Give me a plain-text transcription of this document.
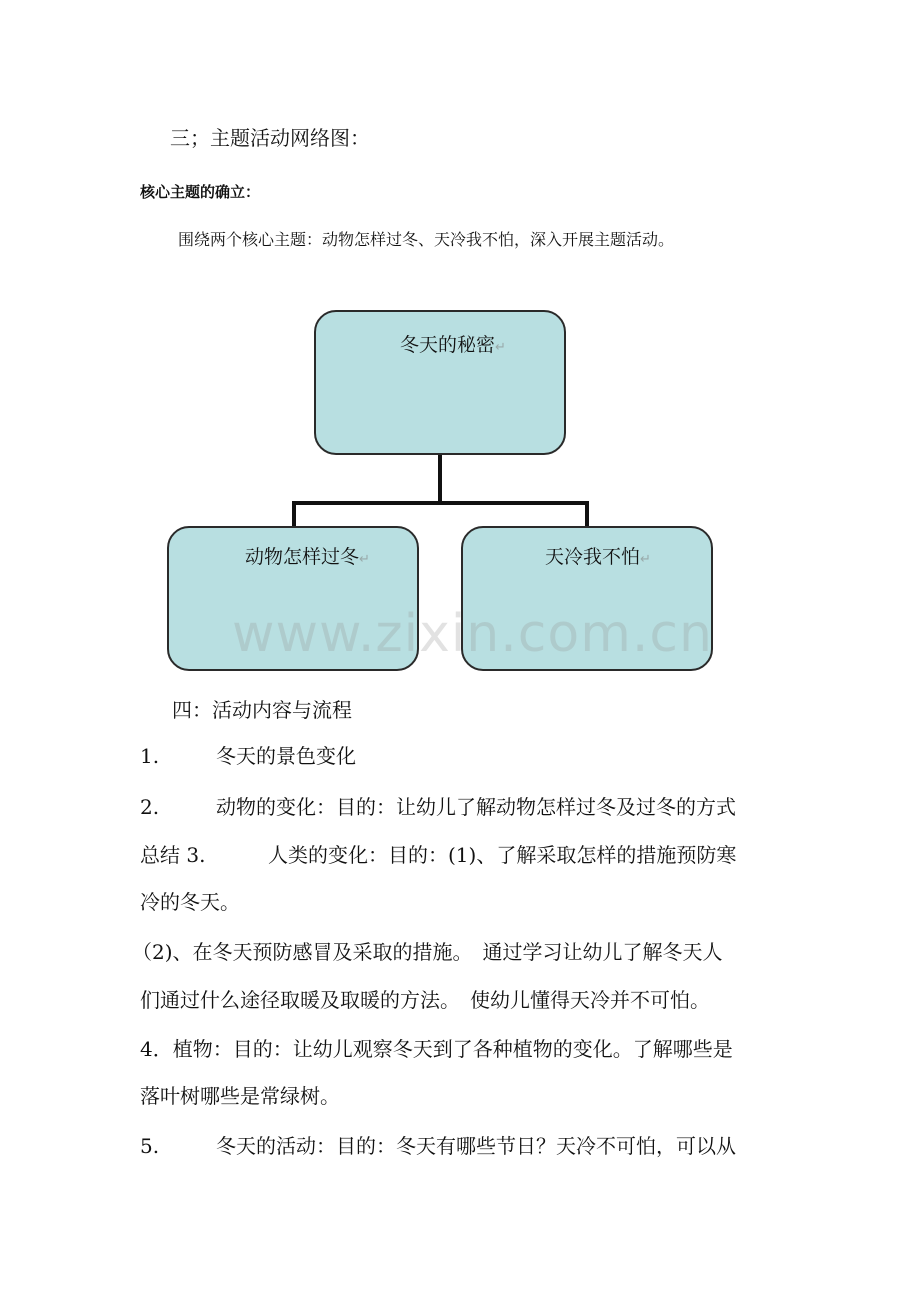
三；主题活动网络图：
核心主题的确立：
围绕两个核心主题：动物怎样过冬、天冷我不怕，深入开展主题活动。
冬天的秘密↵
动物怎样过冬↵	天冷我不怕↵
www.zixin.com.cn
四：活动内容与流程
1.	冬天的景色变化
2.	动物的变化：目的：让幼儿了解动物怎样过冬及过冬的方式
总结 3.	人类的变化：目的：(1)、了解采取怎样的措施预防寒
冷的冬天。
（2)、在冬天预防感冒及采取的措施。　通过学习让幼儿了解冬天人
们通过什么途径取暖及取暖的方法。　使幼儿懂得天冷并不可怕。
4．植物：目的：让幼儿观察冬天到了各种植物的变化。了解哪些是
落叶树哪些是常绿树。
5.	冬天的活动：目的：冬天有哪些节日？天冷不可怕，可以从
